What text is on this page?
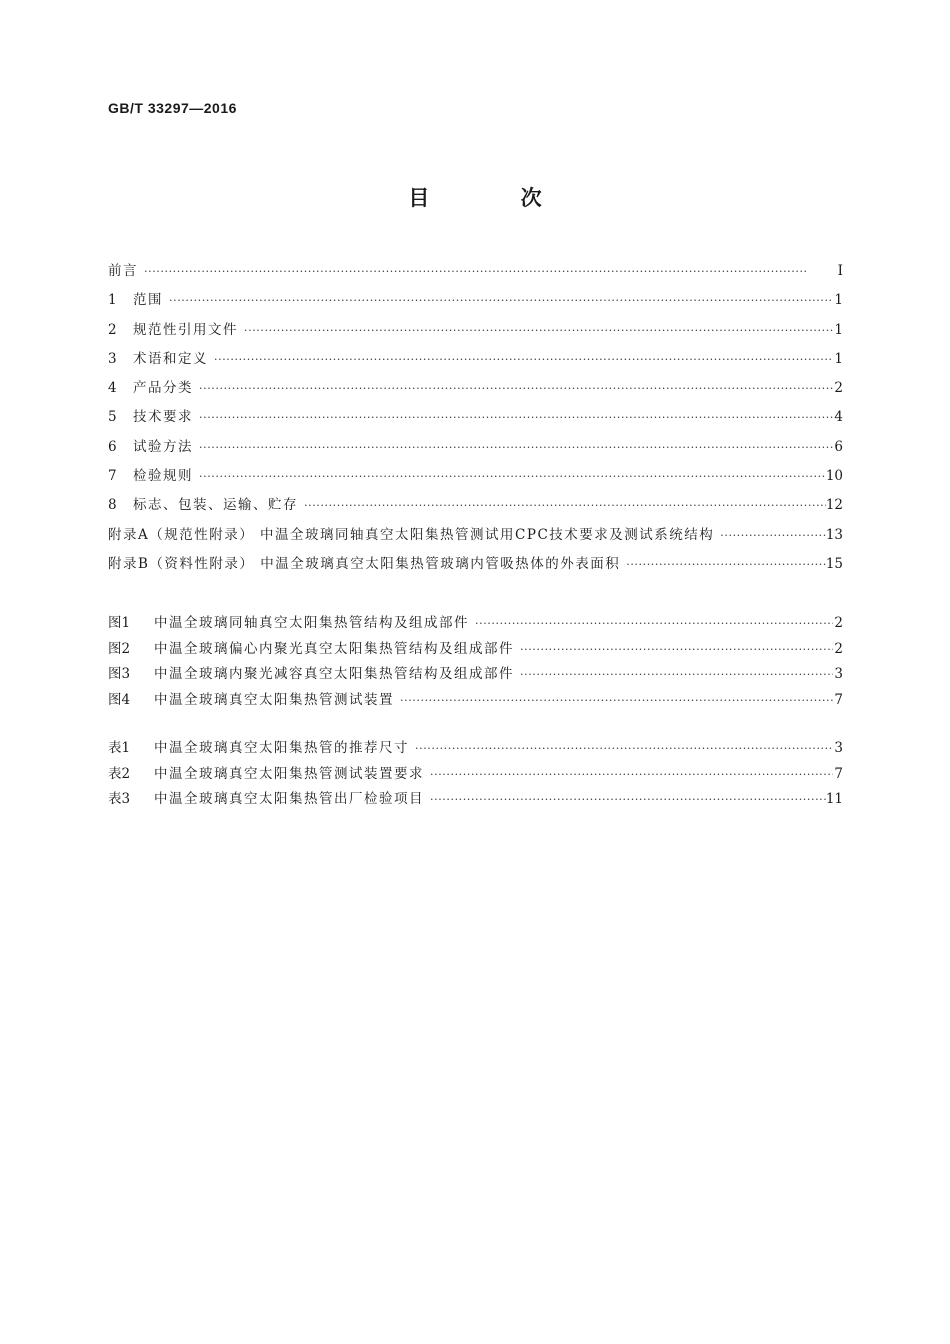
GB/T 33297—2016
目 次
前言 ·····	Ⅰ
1 范围 ·····	1
2 规范性引用文件 ·····	1
3 术语和定义 ·····	1
4 产品分类 ·····	2
5 技术要求 ·····	4
6 试验方法 ·····	6
7 检验规则 ·····	10
8 标志、包装、运输、贮存 ·····	12
附录A（规范性附录） 中温全玻璃同轴真空太阳集热管测试用CPC技术要求及测试系统结构 ·····	13
附录B（资料性附录） 中温全玻璃真空太阳集热管玻璃内管吸热体的外表面积 ·····	15
图1 中温全玻璃同轴真空太阳集热管结构及组成部件 ·····	2
图2 中温全玻璃偏心内聚光真空太阳集热管结构及组成部件 ·····	2
图3 中温全玻璃内聚光减容真空太阳集热管结构及组成部件 ·····	3
图4 中温全玻璃真空太阳集热管测试装置 ·····	7
表1 中温全玻璃真空太阳集热管的推荐尺寸 ·····	3
表2 中温全玻璃真空太阳集热管测试装置要求 ·····	7
表3 中温全玻璃真空太阳集热管出厂检验项目 ·····	11
